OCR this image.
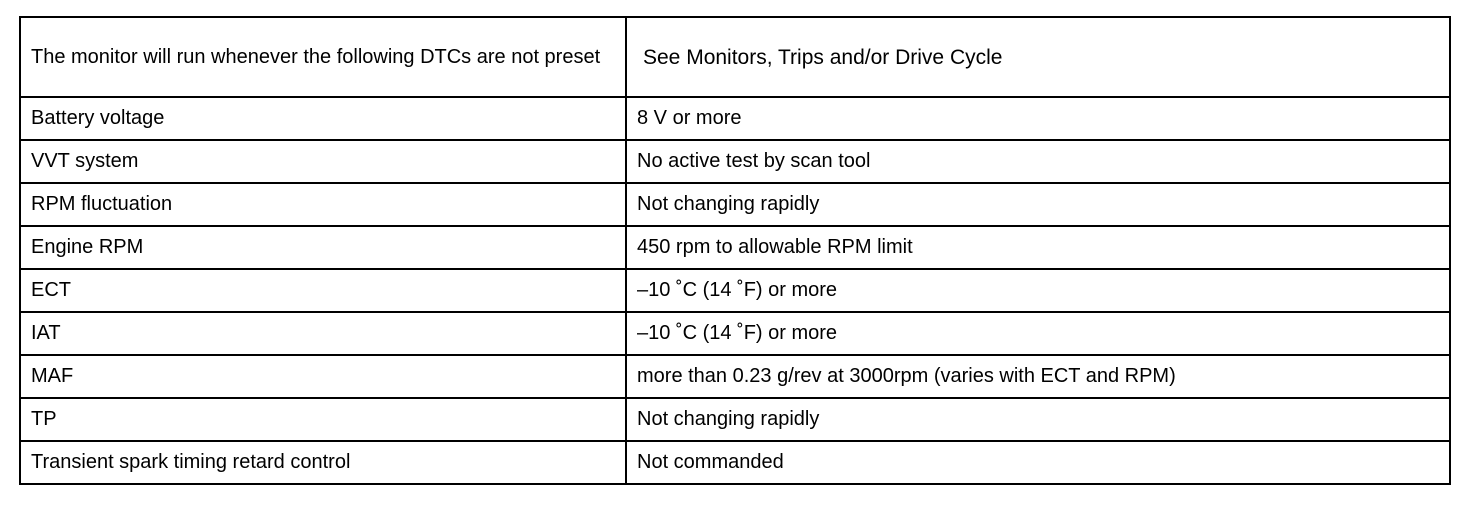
The monitor will run whenever the following DTCs are not preset	See Monitors, Trips and/or Drive Cycle
Battery voltage	8 V or more
VVT system	No active test by scan tool
RPM fluctuation	Not changing rapidly
Engine RPM	450 rpm to allowable RPM limit
ECT	–10 ˚C (14 ˚F) or more
IAT	–10 ˚C (14 ˚F) or more
MAF	more than 0.23 g/rev at 3000rpm (varies with ECT and RPM)
TP	Not changing rapidly
Transient spark timing retard control	Not commanded
